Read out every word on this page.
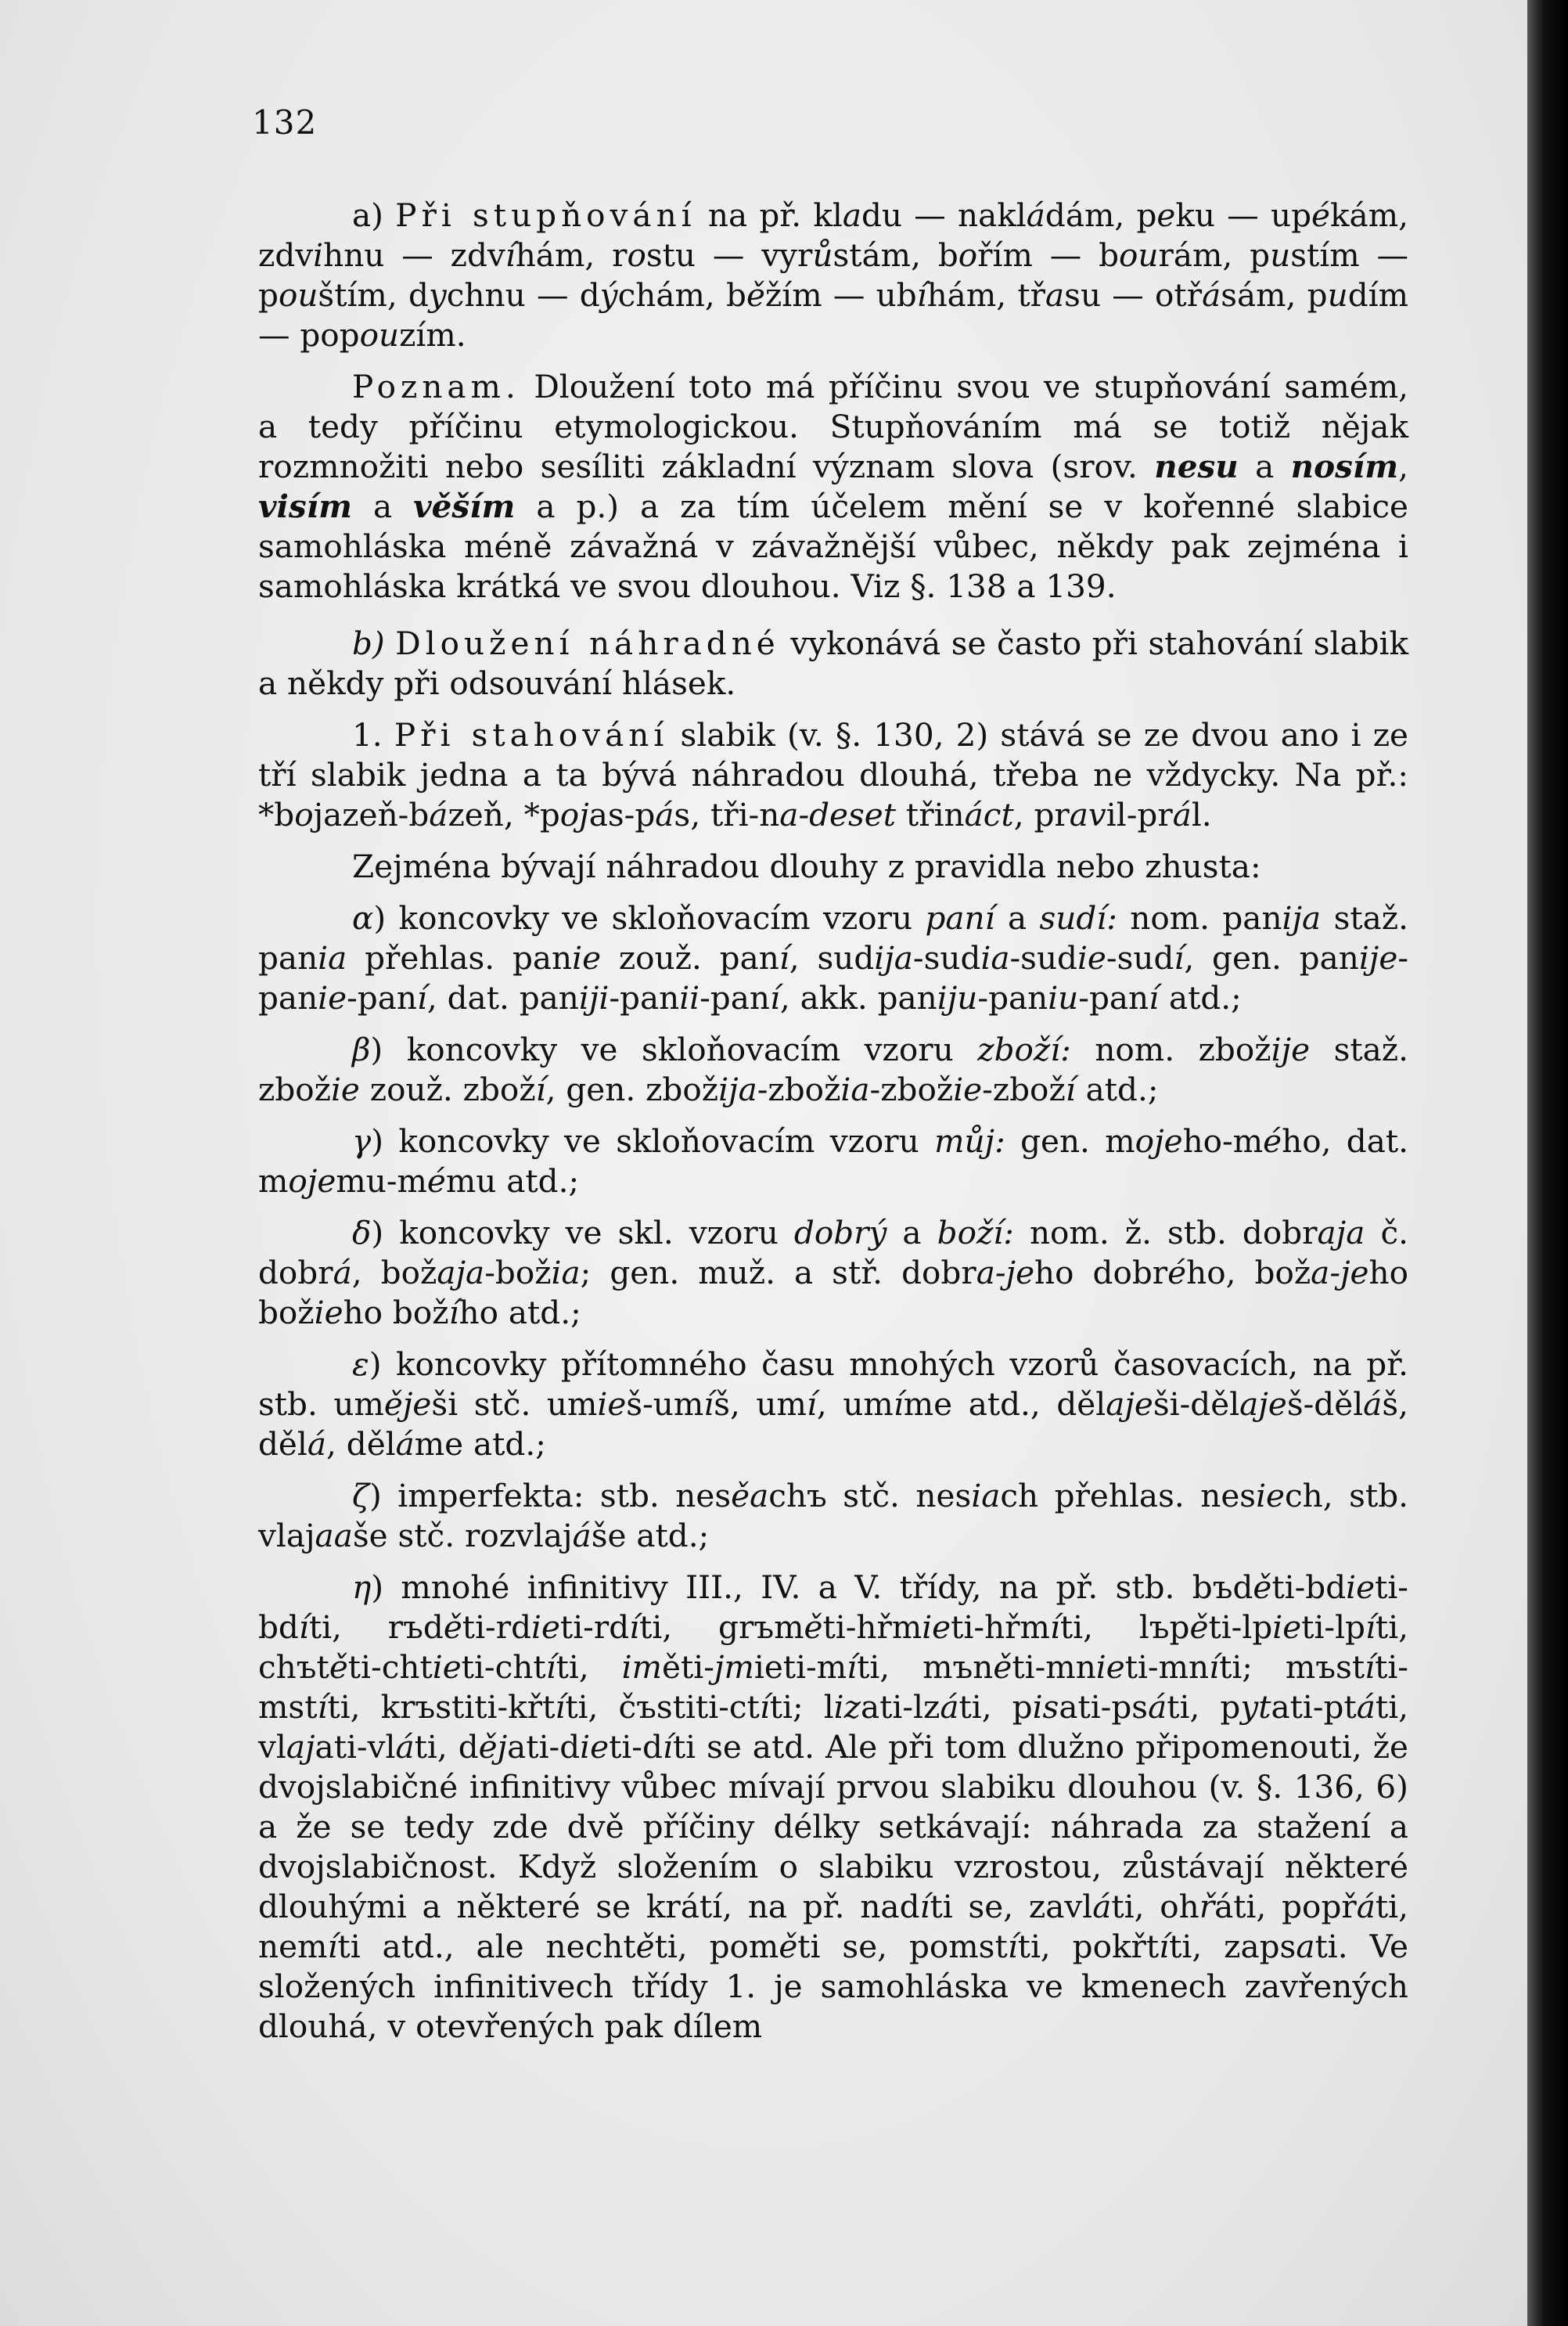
132

a) Při stupňování na př. kladu — nakládám, peku — upékám, zdvihnu — zdvíhám, rostu — vyrůstám, bořím — bourám, pustím — pouštím, dychnu — dýchám, běžím — ubíhám, třasu — otřásám, pudím — popouzím.

Poznam. Dloužení toto má příčinu svou ve stupňování samém, a tedy příčinu etymologickou. Stupňováním má se totiž nějak rozmnožiti nebo sesíliti základní význam slova (srov. nesu a nosím, visím a věším a p.) a za tím účelem mění se v kořenné slabice samohláska méně závažná v závažnější vůbec, někdy pak zejména i samohláska krátká ve svou dlouhou. Viz §. 138 a 139.

b) Dloužení náhradné vykonává se často při stahování slabik a někdy při odsouvání hlásek.

1. Při stahování slabik (v. §. 130, 2) stává se ze dvou ano i ze tří slabik jedna a ta bývá náhradou dlouhá, třeba ne vždycky. Na př.: *bojazeň-bázeň, *pojas-pás, tři-na-deset třináct, pravil-prál.

Zejména bývají náhradou dlouhy z pravidla nebo zhusta:

α) koncovky ve skloňovacím vzoru paní a sudí: nom. panija staž. pania přehlas. panie zouž. paní, sudija-sudia-sudie-sudí, gen. panije-panie-paní, dat. paniji-panii-paní, akk. paniju-paniu-paní atd.;

β) koncovky ve skloňovacím vzoru zboží: nom. zbožije staž. zbožie zouž. zboží, gen. zbožija-zbožia-zbožie-zboží atd.;

γ) koncovky ve skloňovacím vzoru můj: gen. mojeho-mého, dat. mojemu-mému atd.;

δ) koncovky ve skl. vzoru dobrý a boží: nom. ž. stb. dobraja č. dobrá, božaja-božia; gen. muž. a stř. dobra-jeho dobrého, boža-jeho božieho božího atd.;

ε) koncovky přítomného času mnohých vzorů časovacích, na př. stb. uměješi stč. umieš-umíš, umí, umíme atd., dělaješi-dělaješ-děláš, dělá, děláme atd.;

ζ) imperfekta: stb. nesěachъ stč. nesiach přehlas. nesiech, stb. vlajaaše stč. rozvlajáše atd.;

η) mnohé infinitivy III., IV. a V. třídy, na př. stb. bъděti-bdieti-bdíti, rъděti-rdieti-rdíti, grъměti-hřmieti-hřmíti, lъpěti-lpieti-lpíti, chъtěti-chtieti-chtíti, iměti-jmieti-míti, mъněti-mnieti-mníti; mъstíti-mstíti, krъstiti-křtíti, čъstiti-ctíti; lizati-lzáti, pisati-psáti, pytati-ptáti, vlajati-vláti, dějati-dieti-díti se atd. Ale při tom dlužno připomenouti, že dvojslabičné infinitivy vůbec mívají prvou slabiku dlouhou (v. §. 136, 6) a že se tedy zde dvě příčiny délky setkávají: náhrada za stažení a dvojslabičnost. Když složením o slabiku vzrostou, zůstávají některé dlouhými a některé se krátí, na př. nadíti se, zavláti, ohřáti, popřáti, nemíti atd., ale nechtěti, poměti se, pomstíti, pokřtíti, zapsati. Ve složených infinitivech třídy 1. je samohláska ve kmenech zavřených dlouhá, v otevřených pak dílem
